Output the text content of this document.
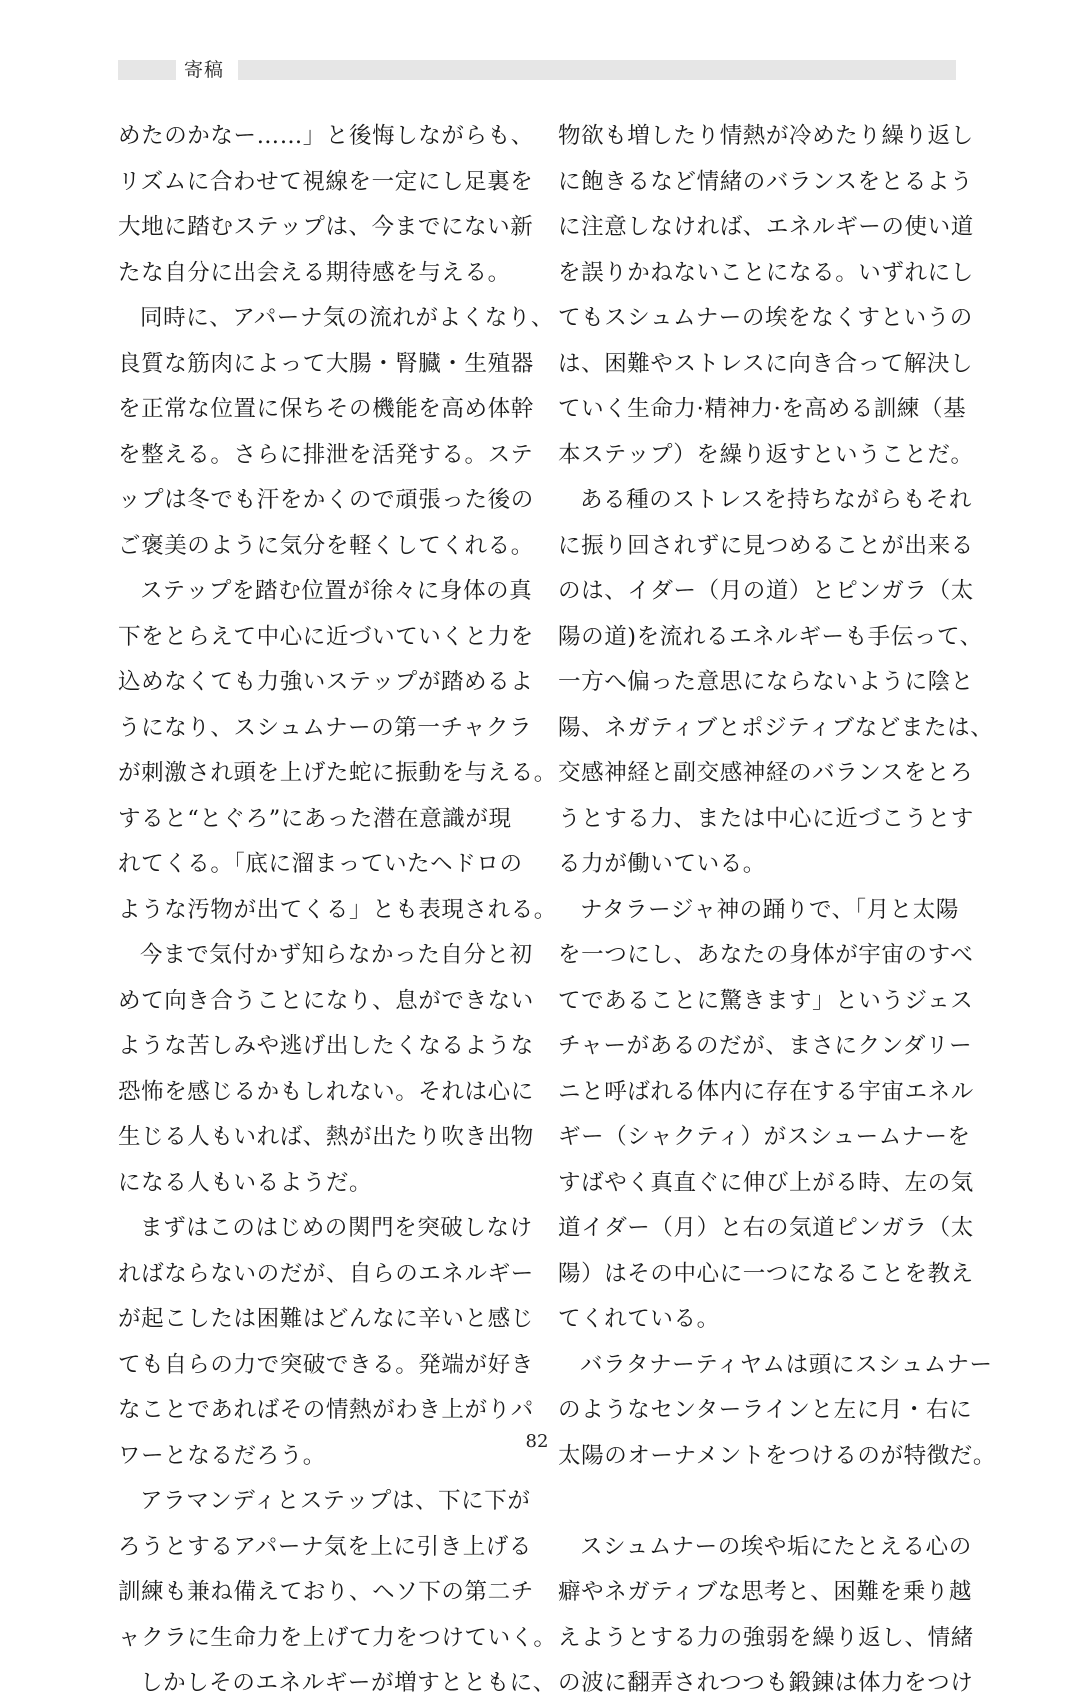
寄稿
めたのかなー……」と後悔しながらも、
リズムに合わせて視線を一定にし足裏を
大地に踏むステップは、今までにない新
たな自分に出会える期待感を与える。
同時に、アパーナ気の流れがよくなり、
良質な筋肉によって大腸・腎臓・生殖器
を正常な位置に保ちその機能を高め体幹
を整える。さらに排泄を活発する。ステ
ップは冬でも汗をかくので頑張った後の
ご褒美のように気分を軽くしてくれる。
ステップを踏む位置が徐々に身体の真
下をとらえて中心に近づいていくと力を
込めなくても力強いステップが踏めるよ
うになり、スシュムナーの第一チャクラ
が刺激され頭を上げた蛇に振動を与える。
すると“とぐろ”にあった潜在意識が現
れてくる。「底に溜まっていたヘドロの
ような汚物が出てくる」とも表現される。
今まで気付かず知らなかった自分と初
めて向き合うことになり、息ができない
ような苦しみや逃げ出したくなるような
恐怖を感じるかもしれない。それは心に
生じる人もいれば、熱が出たり吹き出物
になる人もいるようだ。
まずはこのはじめの関門を突破しなけ
ればならないのだが、自らのエネルギー
が起こしたは困難はどんなに辛いと感じ
ても自らの力で突破できる。発端が好き
なことであればその情熱がわき上がりパ
ワーとなるだろう。
アラマンディとステップは、下に下が
ろうとするアパーナ気を上に引き上げる
訓練も兼ね備えており、ヘソ下の第二チ
ャクラに生命力を上げて力をつけていく。
しかしそのエネルギーが増すとともに、
物欲も増したり情熱が冷めたり繰り返し
に飽きるなど情緒のバランスをとるよう
に注意しなければ、エネルギーの使い道
を誤りかねないことになる。いずれにし
てもスシュムナーの埃をなくすというの
は、困難やストレスに向き合って解決し
ていく生命力·精神力·を高める訓練（基
本ステップ）を繰り返すということだ。
ある種のストレスを持ちながらもそれ
に振り回されずに見つめることが出来る
のは、イダー（月の道）とピンガラ（太
陽の道)を流れるエネルギーも手伝って、
一方へ偏った意思にならないように陰と
陽、ネガティブとポジティブなどまたは、
交感神経と副交感神経のバランスをとろ
うとする力、または中心に近づこうとす
る力が働いている。
ナタラージャ神の踊りで、「月と太陽
を一つにし、あなたの身体が宇宙のすべ
てであることに驚きます」というジェス
チャーがあるのだが、まさにクンダリー
ニと呼ばれる体内に存在する宇宙エネル
ギー（シャクティ）がスシュームナーを
すばやく真直ぐに伸び上がる時、左の気
道イダー（月）と右の気道ピンガラ（太
陽）はその中心に一つになることを教え
てくれている。
バラタナーティヤムは頭にスシュムナー
のようなセンターラインと左に月・右に
太陽のオーナメントをつけるのが特徴だ。
スシュムナーの埃や垢にたとえる心の
癖やネガティブな思考と、困難を乗り越
えようとする力の強弱を繰り返し、情緒
の波に翻弄されつつも鍛錬は体力をつけ
82
